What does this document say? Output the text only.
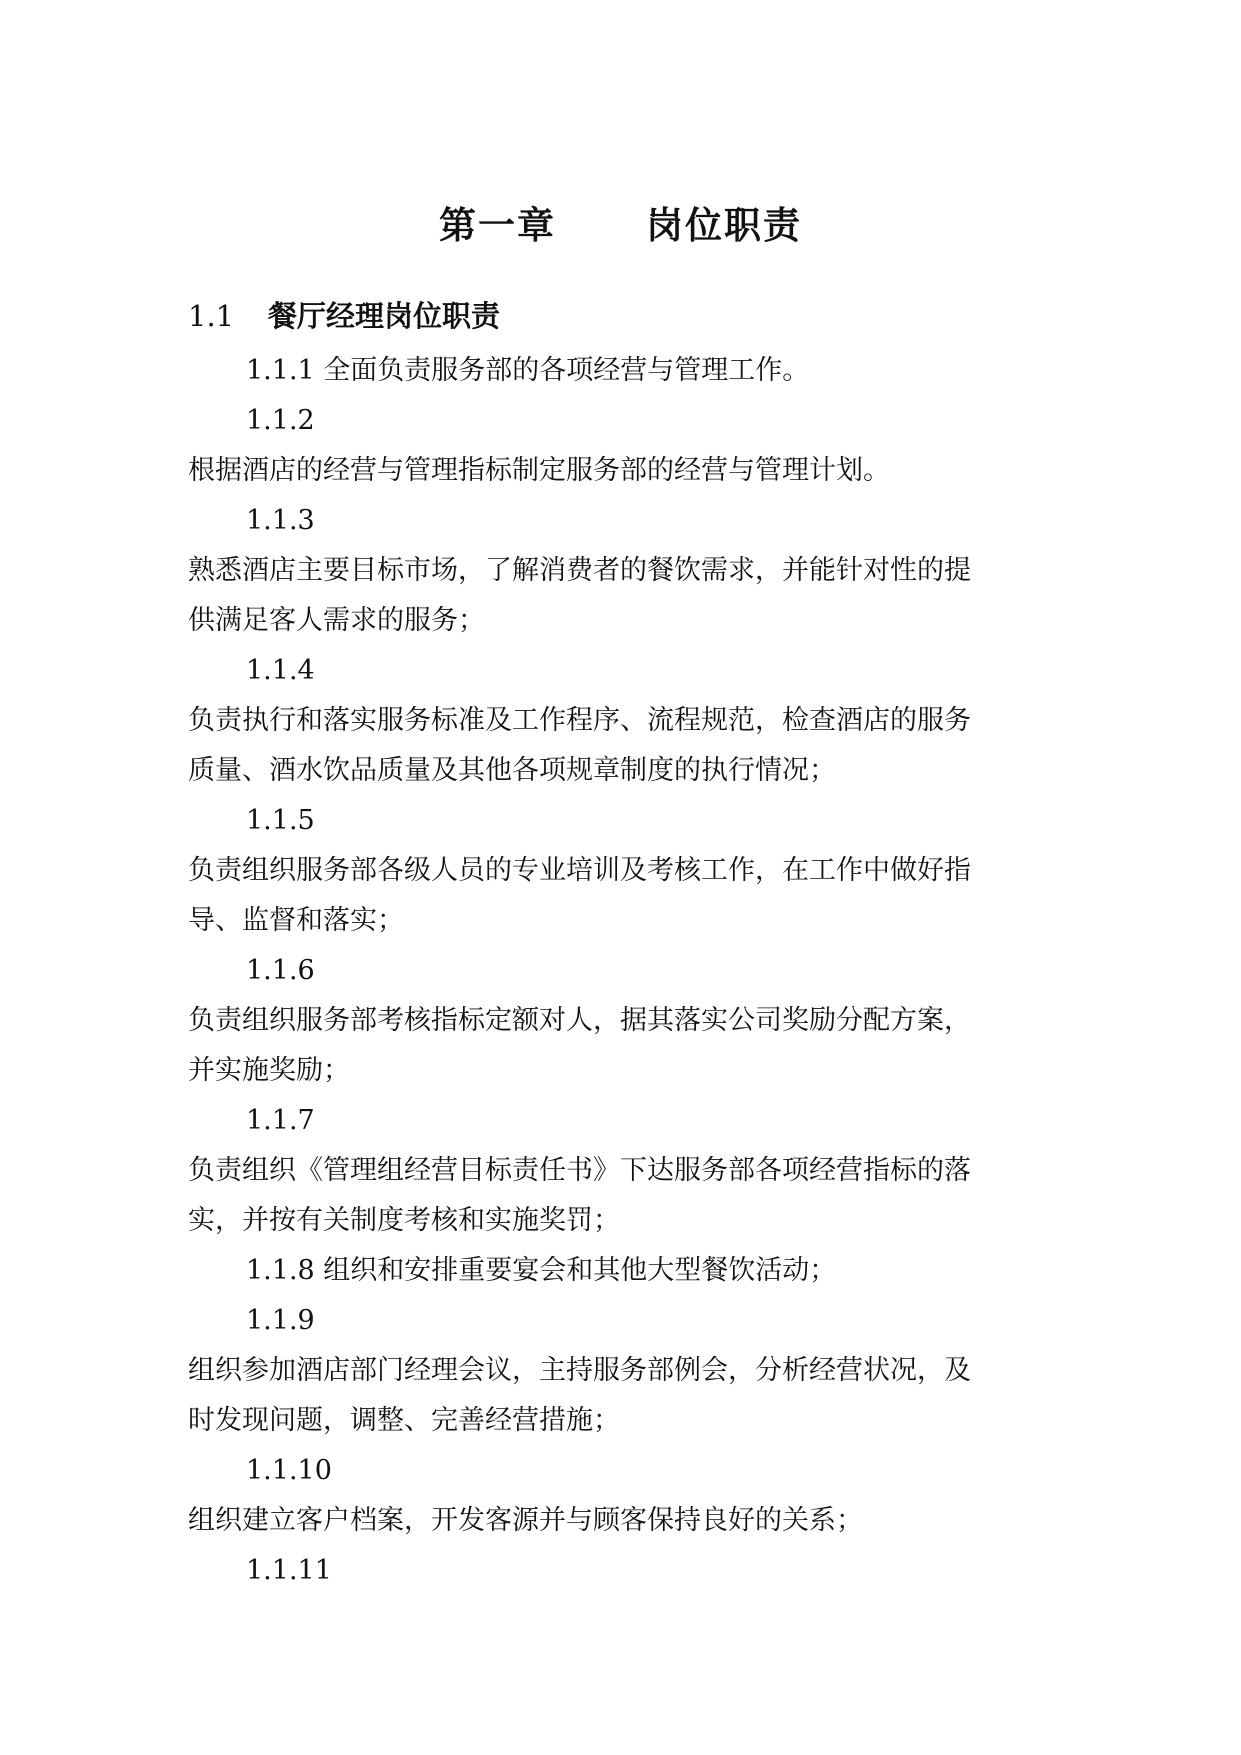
第一章 岗位职责
1.1 餐厅经理岗位职责
1.1.1 全面负责服务部的各项经营与管理工作。
1.1.2
根据酒店的经营与管理指标制定服务部的经营与管理计划。
1.1.3
熟悉酒店主要目标市场，了解消费者的餐饮需求，并能针对性的提
供满足客人需求的服务；
1.1.4
负责执行和落实服务标准及工作程序、流程规范，检查酒店的服务
质量、酒水饮品质量及其他各项规章制度的执行情况；
1.1.5
负责组织服务部各级人员的专业培训及考核工作，在工作中做好指
导、监督和落实；
1.1.6
负责组织服务部考核指标定额对人，据其落实公司奖励分配方案，
并实施奖励；
1.1.7
负责组织《管理组经营目标责任书》下达服务部各项经营指标的落
实，并按有关制度考核和实施奖罚；
1.1.8 组织和安排重要宴会和其他大型餐饮活动；
1.1.9
组织参加酒店部门经理会议，主持服务部例会，分析经营状况，及
时发现问题，调整、完善经营措施；
1.1.10
组织建立客户档案，开发客源并与顾客保持良好的关系；
1.1.11
